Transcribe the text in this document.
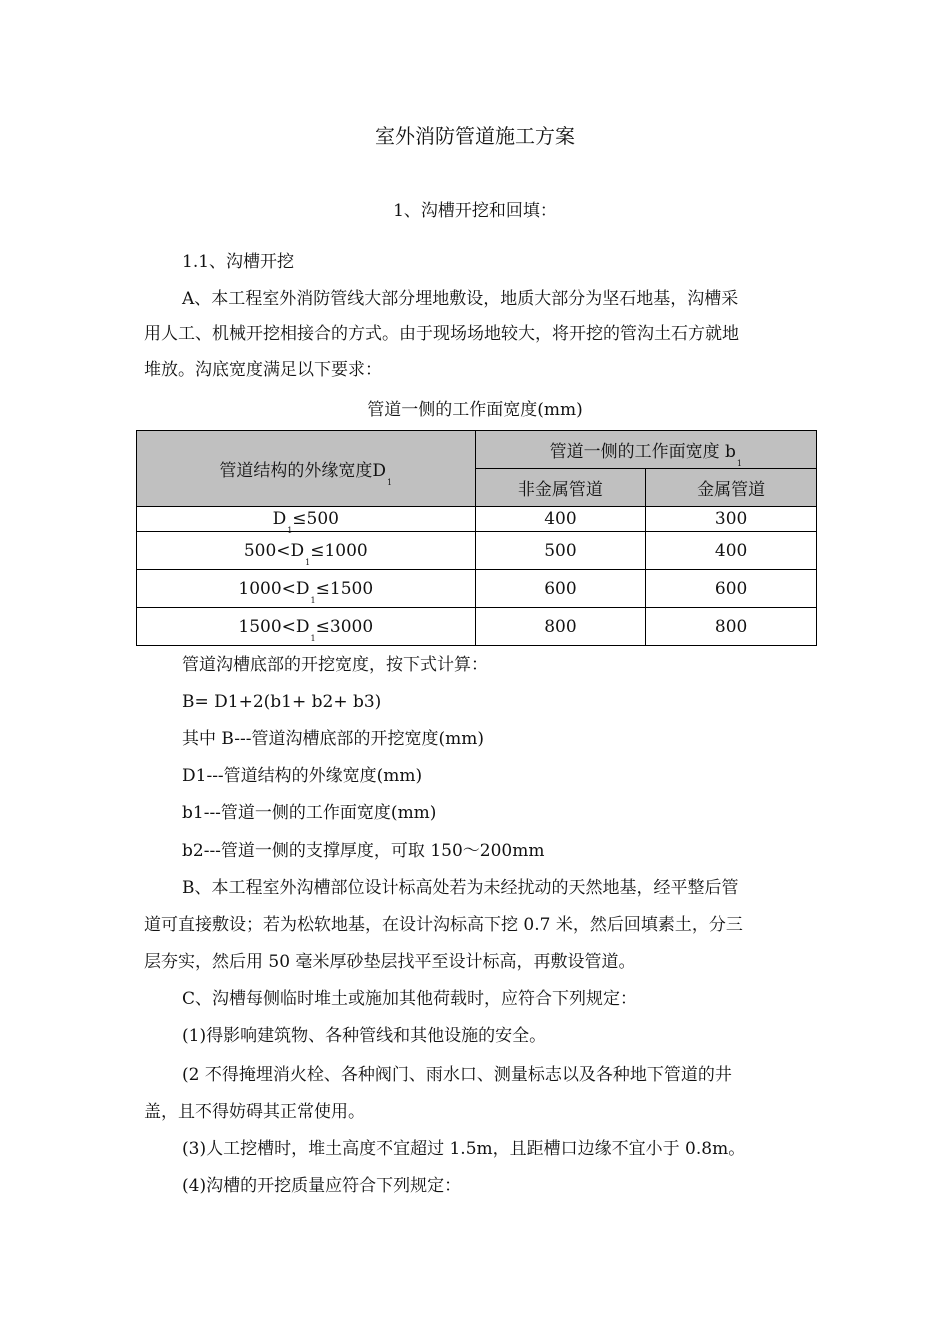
室外消防管道施工方案
1、沟槽开挖和回填：
1.1、沟槽开挖
A、本工程室外消防管线大部分埋地敷设，地质大部分为坚石地基，沟槽采
用人工、机械开挖相接合的方式。由于现场场地较大，将开挖的管沟土石方就地
堆放。沟底宽度满足以下要求：
管道一侧的工作面宽度(mm)
管道结构的外缘宽度$D_1$	管道一侧的工作面宽度 $b_1$
	非金属管道	金属管道
$D_1\le 500$	400	300
$500<D_1\le 1000$	500	400
$1000<D_1\le 1500$	600	600
$1500<D_1\le 3000$	800	800
管道沟槽底部的开挖宽度，按下式计算：
B= D1+2(b1+ b2+ b3)
其中 B---管道沟槽底部的开挖宽度(mm)
D1---管道结构的外缘宽度(mm)
b1---管道一侧的工作面宽度(mm)
b2---管道一侧的支撑厚度，可取 150～200mm
B、本工程室外沟槽部位设计标高处若为未经扰动的天然地基，经平整后管
道可直接敷设；若为松软地基，在设计沟标高下挖 0.7 米，然后回填素土，分三
层夯实，然后用 50 毫米厚砂垫层找平至设计标高，再敷设管道。
C、沟槽每侧临时堆土或施加其他荷载时，应符合下列规定：
(1)得影响建筑物、各种管线和其他设施的安全。
(2 不得掩埋消火栓、各种阀门、雨水口、测量标志以及各种地下管道的井
盖，且不得妨碍其正常使用。
(3)人工挖槽时，堆土高度不宜超过 1.5m，且距槽口边缘不宜小于 0.8m。
(4)沟槽的开挖质量应符合下列规定：
